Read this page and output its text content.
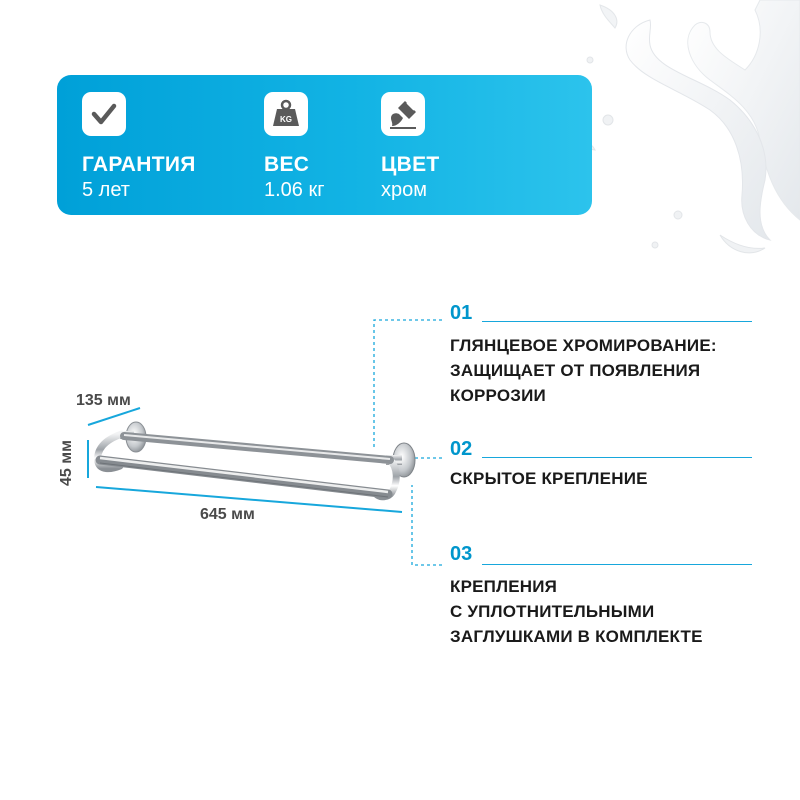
ГАРАНТИЯ
5 лет
KG
ВЕС
1.06 кг
ЦВЕТ
хром
135 мм
45 мм
645 мм
01
ГЛЯНЦЕВОЕ ХРОМИРОВАНИЕ:
ЗАЩИЩАЕТ ОТ ПОЯВЛЕНИЯ
КОРРОЗИИ
02
СКРЫТОЕ КРЕПЛЕНИЕ
03
КРЕПЛЕНИЯ
С УПЛОТНИТЕЛЬНЫМИ
ЗАГЛУШКАМИ В КОМПЛЕКТЕ
